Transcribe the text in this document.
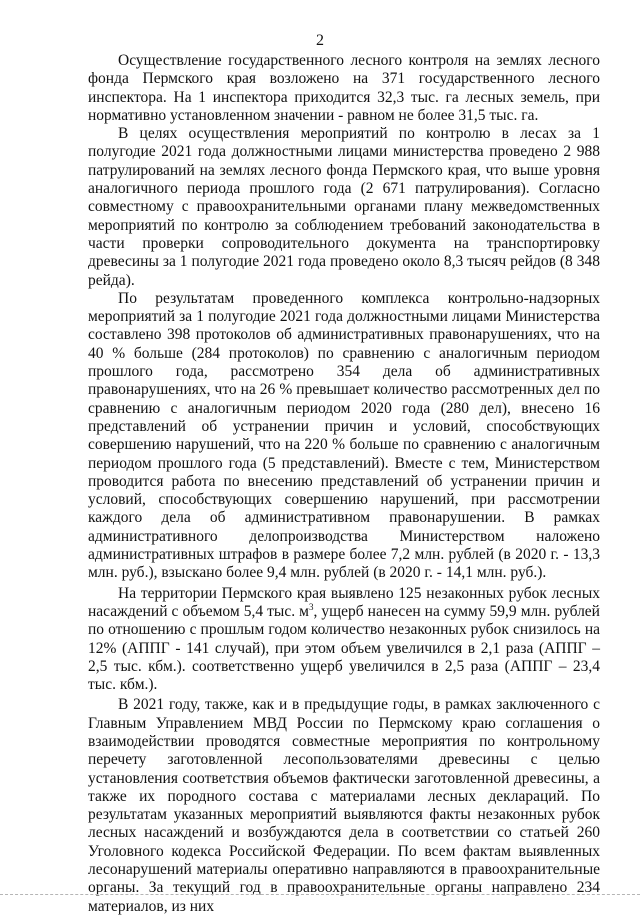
2

Осуществление государственного лесного контроля на землях лесного фонда Пермского края возложено на 371 государственного лесного инспектора. На 1 инспектора приходится 32,3 тыс. га лесных земель, при нормативно установленном значении - равном не более 31,5 тыс. га.

В целях осуществления мероприятий по контролю в лесах за 1 полугодие 2021 года должностными лицами министерства проведено 2 988 патрулирований на землях лесного фонда Пермского края, что выше уровня аналогичного периода прошлого года (2 671 патрулирования). Согласно совместному с правоохранительными органами плану межведомственных мероприятий по контролю за соблюдением требований законодательства в части проверки сопроводительного документа на транспортировку древесины за 1 полугодие 2021 года проведено около 8,3 тысяч рейдов (8 348 рейда).

По результатам проведенного комплекса контрольно-надзорных мероприятий за 1 полугодие 2021 года должностными лицами Министерства составлено 398 протоколов об административных правонарушениях, что на 40 % больше (284 протоколов) по сравнению с аналогичным периодом прошлого года, рассмотрено 354 дела об административных правонарушениях, что на 26 % превышает количество рассмотренных дел по сравнению с аналогичным периодом 2020 года (280 дел), внесено 16 представлений об устранении причин и условий, способствующих совершению нарушений, что на 220 % больше по сравнению с аналогичным периодом прошлого года (5 представлений). Вместе с тем, Министерством проводится работа по внесению представлений об устранении причин и условий, способствующих совершению нарушений, при рассмотрении каждого дела об административном правонарушении. В рамках административного делопроизводства Министерством наложено административных штрафов в размере более 7,2 млн. рублей (в 2020 г. - 13,3 млн. руб.), взыскано более 9,4 млн. рублей (в 2020 г. - 14,1 млн. руб.).

На территории Пермского края выявлено 125 незаконных рубок лесных насаждений с объемом 5,4 тыс. $м^3$, ущерб нанесен на сумму 59,9 млн. рублей по отношению с прошлым годом количество незаконных рубок снизилось на 12% (АППГ - 141 случай), при этом объем увеличился в 2,1 раза (АППГ – 2,5 тыс. кбм.). соответственно ущерб увеличился в 2,5 раза (АППГ – 23,4 тыс. кбм.).

В 2021 году, также, как и в предыдущие годы, в рамках заключенного с Главным Управлением МВД России по Пермскому краю соглашения о взаимодействии проводятся совместные мероприятия по контрольному перечету заготовленной лесопользователями древесины с целью установления соответствия объемов фактически заготовленной древесины, а также их породного состава с материалами лесных деклараций. По результатам указанных мероприятий выявляются факты незаконных рубок лесных насаждений и возбуждаются дела в соответствии со статьей 260 Уголовного кодекса Российской Федерации. По всем фактам выявленных лесонарушений материалы оперативно направляются в правоохранительные органы. За текущий год в правоохранительные органы направлено 234 материалов, из них
